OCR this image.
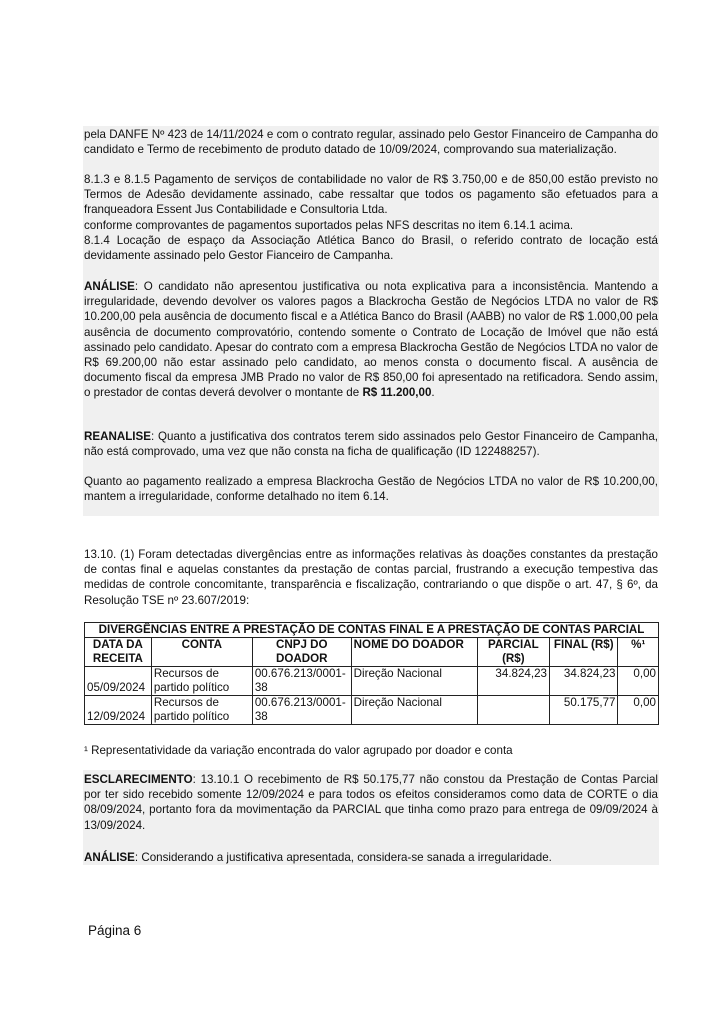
pela DANFE Nº 423 de 14/11/2024 e com o contrato regular, assinado pelo Gestor Financeiro de Campanha do candidato e Termo de recebimento de produto datado de 10/09/2024, comprovando sua materialização.

8.1.3 e 8.1.5 Pagamento de serviços de contabilidade no valor de R$ 3.750,00 e de 850,00 estão previsto no Termos de Adesão devidamente assinado, cabe ressaltar que todos os pagamento são efetuados para a franqueadora Essent Jus Contabilidade e Consultoria Ltda.

conforme comprovantes de pagamentos suportados pelas NFS descritas no item 6.14.1 acima.

8.1.4 Locação de espaço da Associação Atlética Banco do Brasil, o referido contrato de locação está devidamente assinado pelo Gestor Fianceiro de Campanha.

ANÁLISE: O candidato não apresentou justificativa ou nota explicativa para a inconsistência. Mantendo a irregularidade, devendo devolver os valores pagos a Blackrocha Gestão de Negócios LTDA no valor de R$ 10.200,00 pela ausência de documento fiscal e a Atlética Banco do Brasil (AABB) no valor de R$ 1.000,00 pela ausência de documento comprovatório, contendo somente o Contrato de Locação de Imóvel que não está assinado pelo candidato. Apesar do contrato com a empresa Blackrocha Gestão de Negócios LTDA no valor de R$ 69.200,00 não estar assinado pelo candidato, ao menos consta o documento fiscal. A ausência de documento fiscal da empresa JMB Prado no valor de R$ 850,00 foi apresentado na retificadora. Sendo assim, o prestador de contas deverá devolver o montante de R$ 11.200,00.

REANALISE: Quanto a justificativa dos contratos terem sido assinados pelo Gestor Financeiro de Campanha, não está comprovado, uma vez que não consta na ficha de qualificação (ID 122488257).

Quanto ao pagamento realizado a empresa Blackrocha Gestão de Negócios LTDA no valor de R$ 10.200,00, mantem a irregularidade, conforme detalhado no item 6.14.

13.10. (1) Foram detectadas divergências entre as informações relativas às doações constantes da prestação de contas final e aquelas constantes da prestação de contas parcial, frustrando a execução tempestiva das medidas de controle concomitante, transparência e fiscalização, contrariando o que dispõe o art. 47, § 6º, da Resolução TSE nº 23.607/2019:

DIVERGÊNCIAS ENTRE A PRESTAÇÃO DE CONTAS FINAL E A PRESTAÇÃO DE CONTAS PARCIAL						
DATA DA RECEITA	CONTA	CNPJ DO DOADOR	NOME DO DOADOR	PARCIAL (R$)	FINAL (R$)	%¹
05/09/2024	Recursos de partido político	00.676.213/0001-38	Direção Nacional	34.824,23	34.824,23	0,00
12/09/2024	Recursos de partido político	00.676.213/0001-38	Direção Nacional		50.175,77	0,00
¹ Representatividade da variação encontrada do valor agrupado por doador e conta

ESCLARECIMENTO: 13.10.1 O recebimento de R$ 50.175,77 não constou da Prestação de Contas Parcial por ter sido recebido somente 12/09/2024 e para todos os efeitos consideramos como data de CORTE o dia 08/09/2024, portanto fora da movimentação da PARCIAL que tinha como prazo para entrega de 09/09/2024 à 13/09/2024.

ANÁLISE: Considerando a justificativa apresentada, considera-se sanada a irregularidade.

Página 6
